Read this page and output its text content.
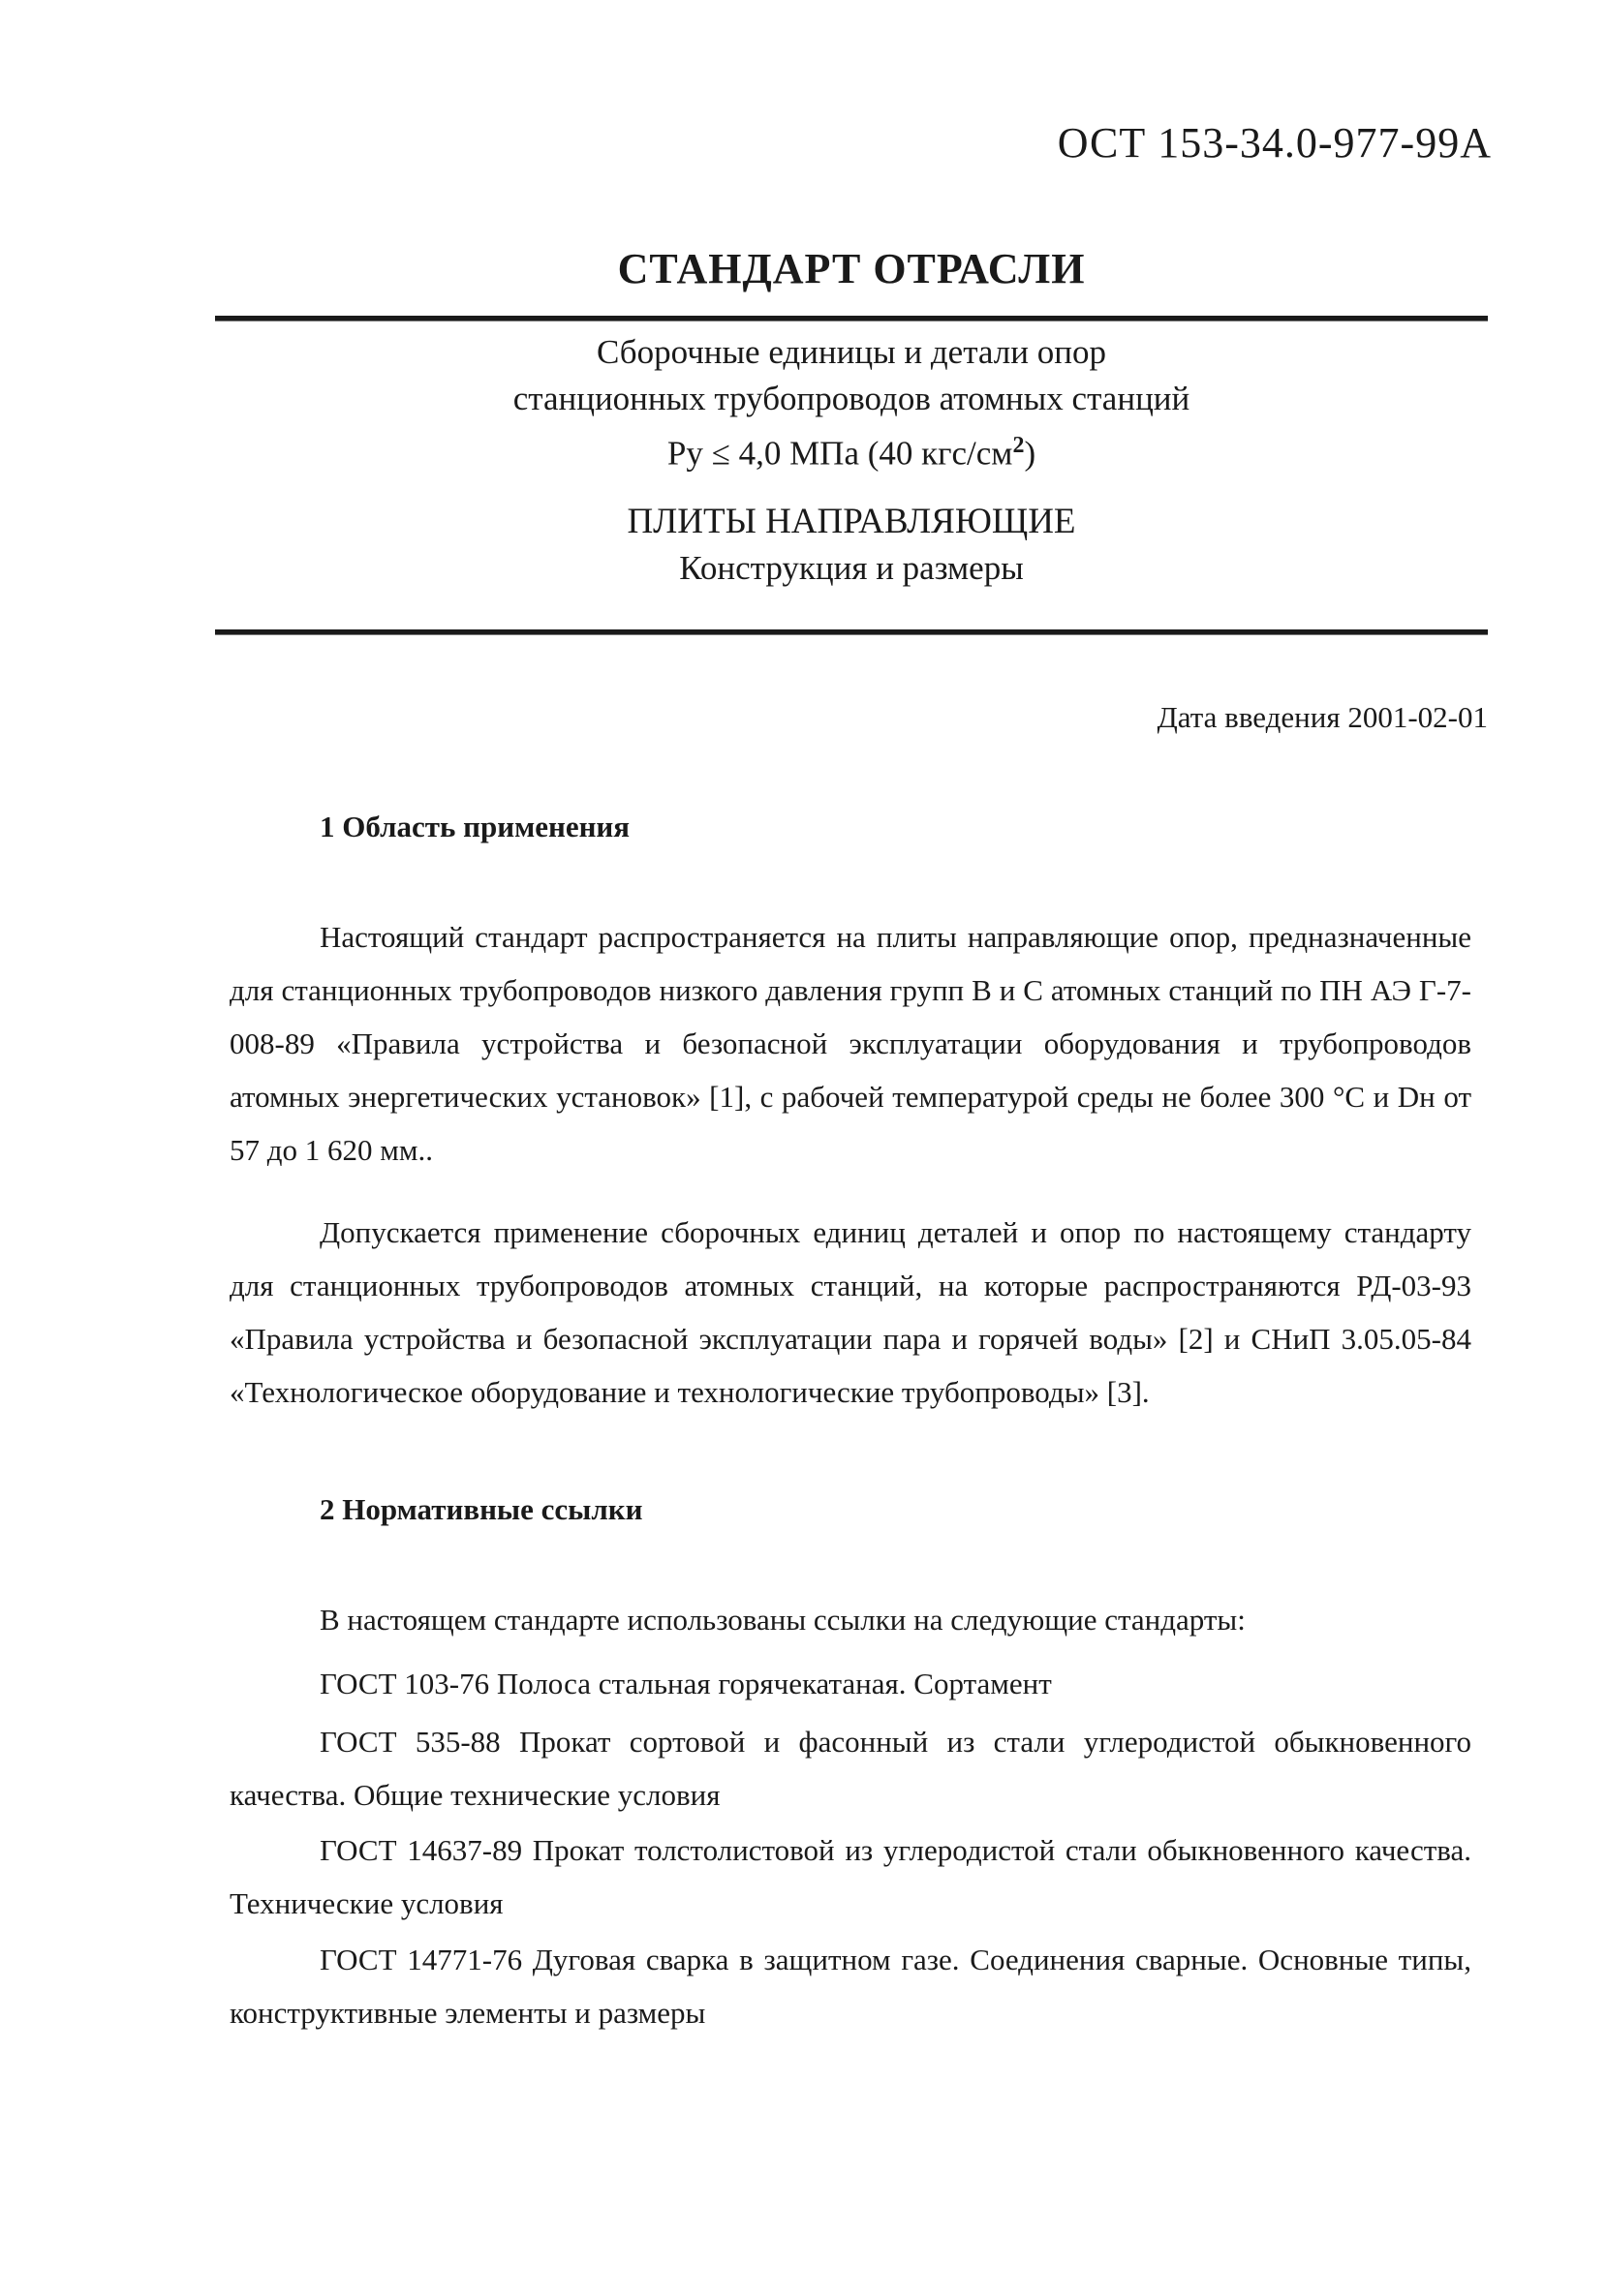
ОСТ 153-34.0-977-99А
СТАНДАРТ ОТРАСЛИ
Сборочные единицы и детали опор
станционных трубопроводов атомных станций
Ру ≤ 4,0 МПа (40 кгс/$см^2$)
ПЛИТЫ НАПРАВЛЯЮЩИЕ
Конструкция и размеры
Дата введения 2001-02-01
1 Область применения

Настоящий стандарт распространяется на плиты направляющие опор, предназначенные для станционных трубопроводов низкого давления групп В и С атомных станций по ПН АЭ Г-7-008-89 «Правила устройства и безопасной эксплуатации оборудования и трубопроводов атомных энергетических установок» [1], с рабочей температурой среды не более 300 °С и Dн от 57 до 1 620 мм..

Допускается применение сборочных единиц деталей и опор по настоящему стандарту для станционных трубопроводов атомных станций, на которые распространяются РД-03-93 «Правила устройства и безопасной эксплуатации пара и горячей воды» [2] и СНиП 3.05.05-84 «Технологическое оборудование и технологические трубопроводы» [3].

2 Нормативные ссылки
В настоящем стандарте использованы ссылки на следующие стандарты:

ГОСТ 103-76 Полоса стальная горячекатаная. Сортамент

ГОСТ 535-88 Прокат сортовой и фасонный из стали углеродистой обыкновенного качества. Общие технические условия

ГОСТ 14637-89 Прокат толстолистовой из углеродистой стали обыкновенного качества. Технические условия

ГОСТ 14771-76 Дуговая сварка в защитном газе. Соединения сварные. Основные типы, конструктивные элементы и размеры
